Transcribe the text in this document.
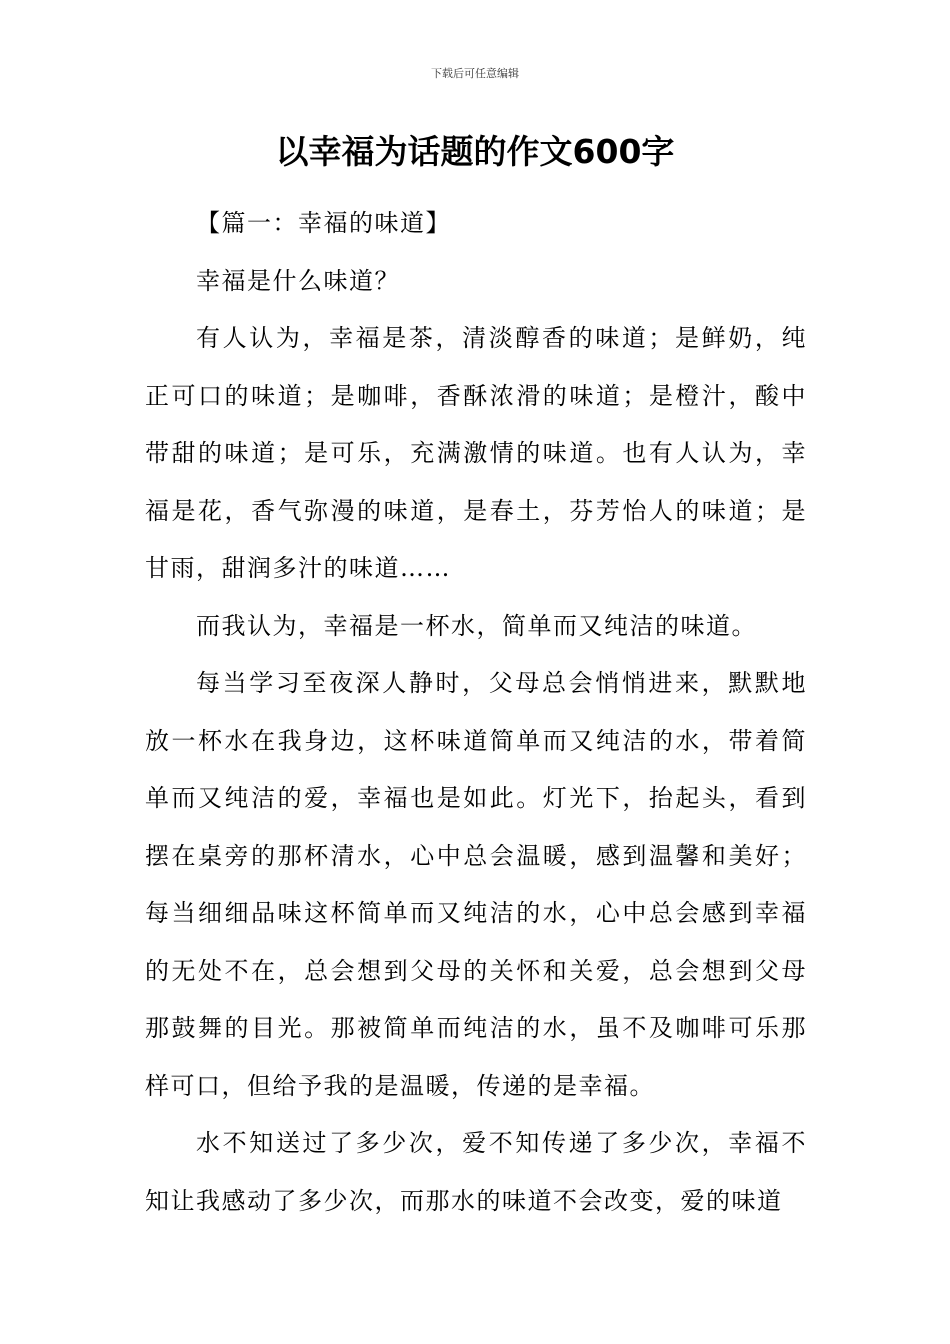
下载后可任意编辑
以幸福为话题的作文600字

【篇一：幸福的味道】

幸福是什么味道？

有人认为，幸福是茶，清淡醇香的味道；是鲜奶，纯正可口的味道；是咖啡，香酥浓滑的味道；是橙汁，酸中带甜的味道；是可乐，充满激情的味道。也有人认为，幸福是花，香气弥漫的味道，是春土，芬芳怡人的味道；是甘雨，甜润多汁的味道……

而我认为，幸福是一杯水，简单而又纯洁的味道。

每当学习至夜深人静时，父母总会悄悄进来，默默地放一杯水在我身边，这杯味道简单而又纯洁的水，带着简单而又纯洁的爱，幸福也是如此。灯光下，抬起头，看到摆在桌旁的那杯清水，心中总会温暖，感到温馨和美好；每当细细品味这杯简单而又纯洁的水，心中总会感到幸福的无处不在，总会想到父母的关怀和关爱，总会想到父母那鼓舞的目光。那被简单而纯洁的水，虽不及咖啡可乐那样可口，但给予我的是温暖，传递的是幸福。

水不知送过了多少次，爱不知传递了多少次，幸福不知让我感动了多少次，而那水的味道不会改变，爱的味道
